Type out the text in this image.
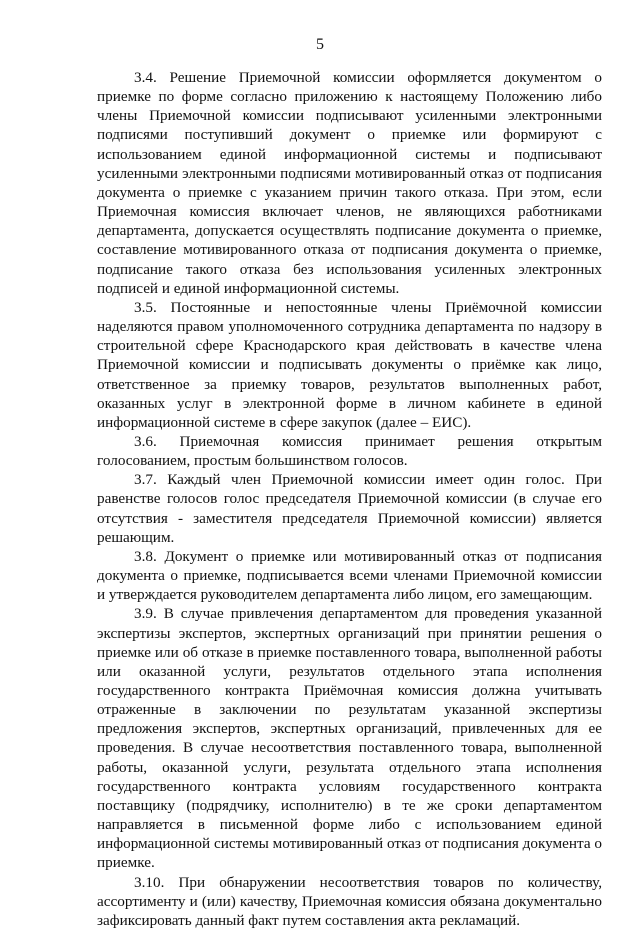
5

3.4. Решение Приемочной комиссии оформляется документом о приемке по форме согласно приложению к настоящему Положению либо члены Приемочной комиссии подписывают усиленными электронными подписями поступивший документ о приемке или формируют с использованием единой информационной системы и подписывают усиленными электронными подписями мотивированный отказ от подписания документа о приемке с указанием причин такого отказа. При этом, если Приемочная комиссия включает членов, не являющихся работниками департамента, допускается осуществлять подписание документа о приемке, составление мотивированного отказа от подписания документа о приемке, подписание такого отказа без использования усиленных электронных подписей и единой информационной системы.

3.5. Постоянные и непостоянные члены Приёмочной комиссии наделяются правом уполномоченного сотрудника департамента по надзору в строительной сфере Краснодарского края действовать в качестве члена Приемочной комиссии и подписывать документы о приёмке как лицо, ответственное за приемку товаров, результатов выполненных работ, оказанных услуг в электронной форме в личном кабинете в единой информационной системе в сфере закупок (далее – ЕИС).

3.6. Приемочная комиссия принимает решения открытым голосованием, простым большинством голосов.

3.7. Каждый член Приемочной комиссии имеет один голос. При равенстве голосов голос председателя Приемочной комиссии (в случае его отсутствия - заместителя председателя Приемочной комиссии) является решающим.

3.8. Документ о приемке или мотивированный отказ от подписания документа о приемке, подписывается всеми членами Приемочной комиссии и утверждается руководителем департамента либо лицом, его замещающим.

3.9. В случае привлечения департаментом для проведения указанной экспертизы экспертов, экспертных организаций при принятии решения о приемке или об отказе в приемке поставленного товара, выполненной работы или оказанной услуги, результатов отдельного этапа исполнения государственного контракта Приёмочная комиссия должна учитывать отраженные в заключении по результатам указанной экспертизы предложения экспертов, экспертных организаций, привлеченных для ее проведения. В случае несоответствия поставленного товара, выполненной работы, оказанной услуги, результата отдельного этапа исполнения государственного контракта условиям государственного контракта поставщику (подрядчику, исполнителю) в те же сроки департаментом направляется в письменной форме либо с использованием единой информационной системы мотивированный отказ от подписания документа о приемке.

3.10. При обнаружении несоответствия товаров по количеству, ассортименту и (или) качеству, Приемочная комиссия обязана документально зафиксировать данный факт путем составления акта рекламаций.
